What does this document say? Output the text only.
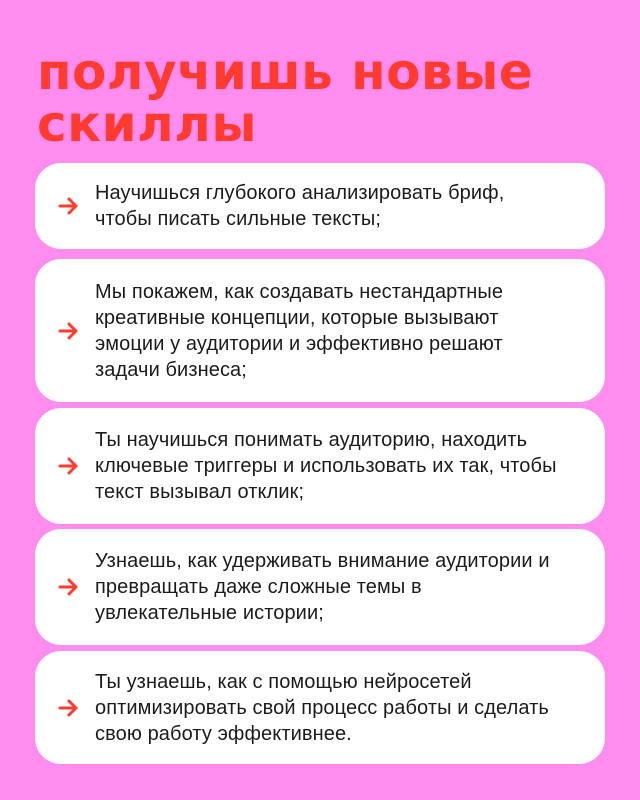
получишь новые
скиллы
Научишься глубокого анализировать бриф, чтобы писать сильные тексты;
Мы покажем, как создавать нестандартные креативные концепции, которые вызывают эмоции у аудитории и эффективно решают задачи бизнеса;
Ты научишься понимать аудиторию, находить ключевые триггеры и использовать их так, чтобы текст вызывал отклик;
Узнаешь, как удерживать внимание аудитории и превращать даже сложные темы в увлекательные истории;
Ты узнаешь, как с помощью нейросетей оптимизировать свой процесс работы и сделать свою работу эффективнее.
